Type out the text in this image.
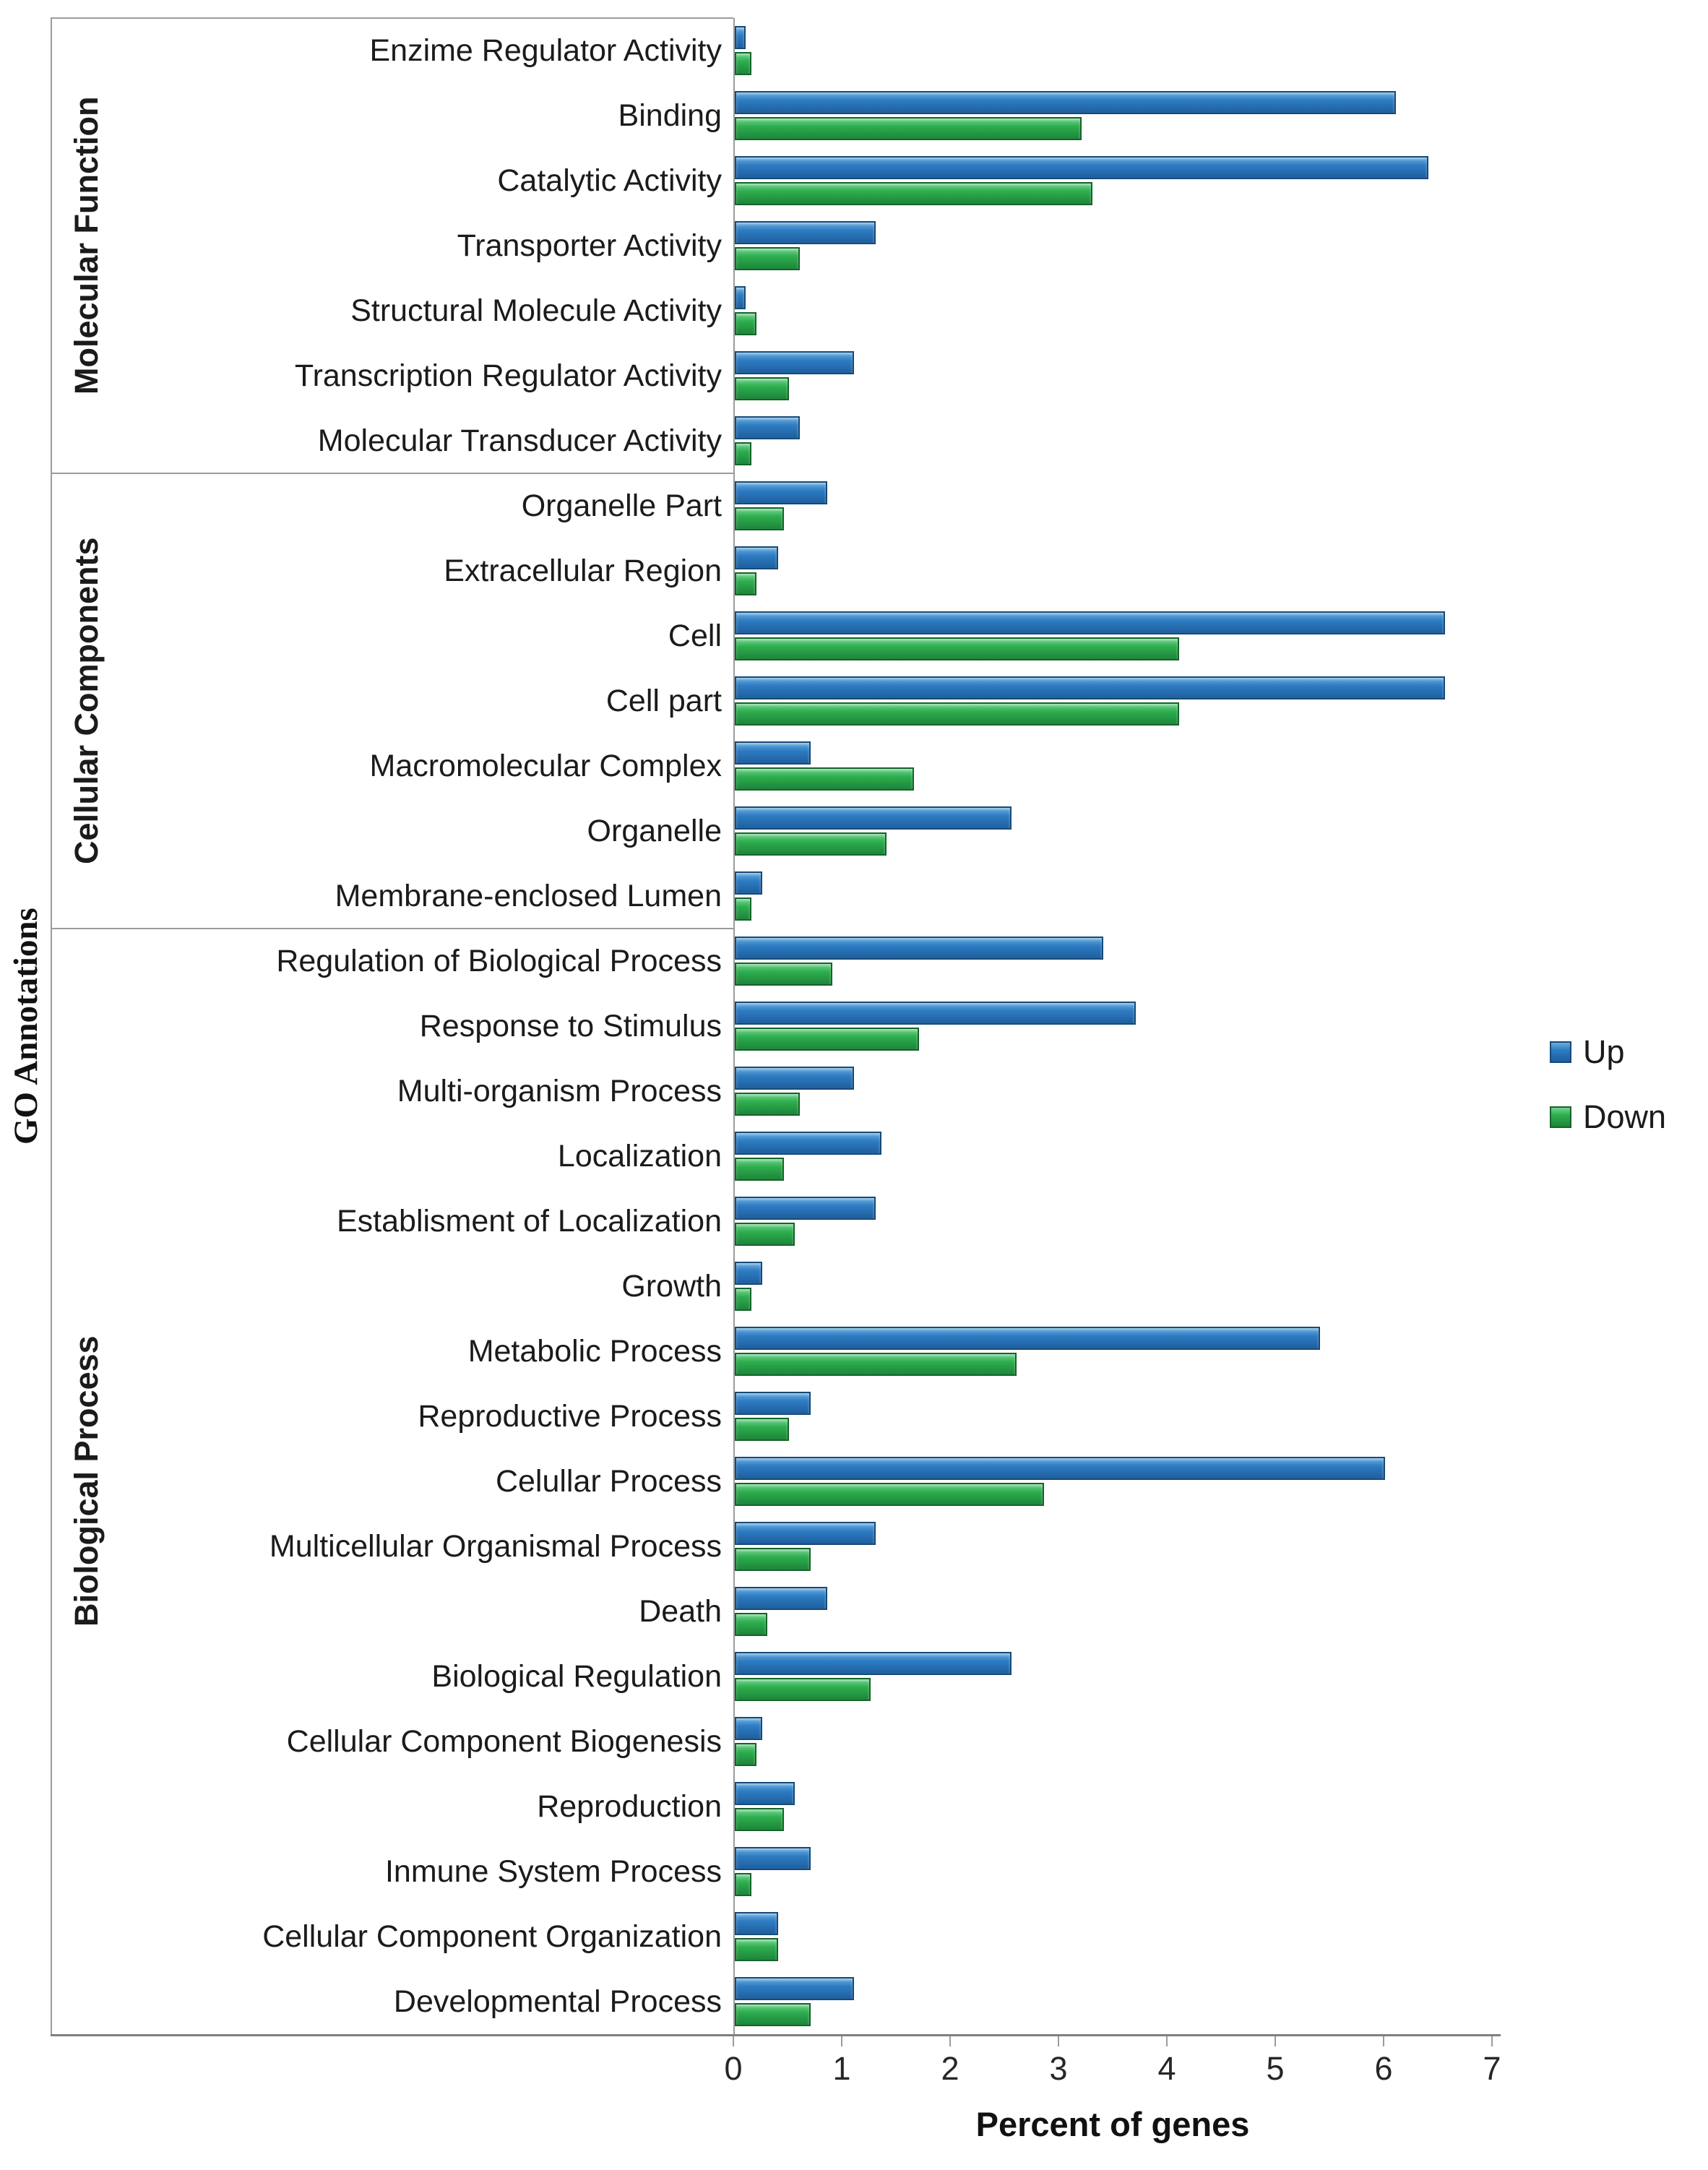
GO Annotations
Percent of genes
Molecular Function
Enzime Regulator Activity
Binding
Catalytic Activity
Transporter Activity
Structural Molecule Activity
Transcription Regulator Activity
Molecular Transducer Activity
Cellular Components
Organelle Part
Extracellular Region
Cell
Cell part
Macromolecular Complex
Organelle
Membrane-enclosed Lumen
Biological Process
Regulation of Biological Process
Response to Stimulus
Multi-organism Process
Localization
Establisment of Localization
Growth
Metabolic Process
Reproductive Process
Celullar Process
Multicellular Organismal Process
Death
Biological Regulation
Cellular Component Biogenesis
Reproduction
Inmune System Process
Cellular Component Organization
Developmental Process
0	1	2	3	4	5	6	7
Up
Down
